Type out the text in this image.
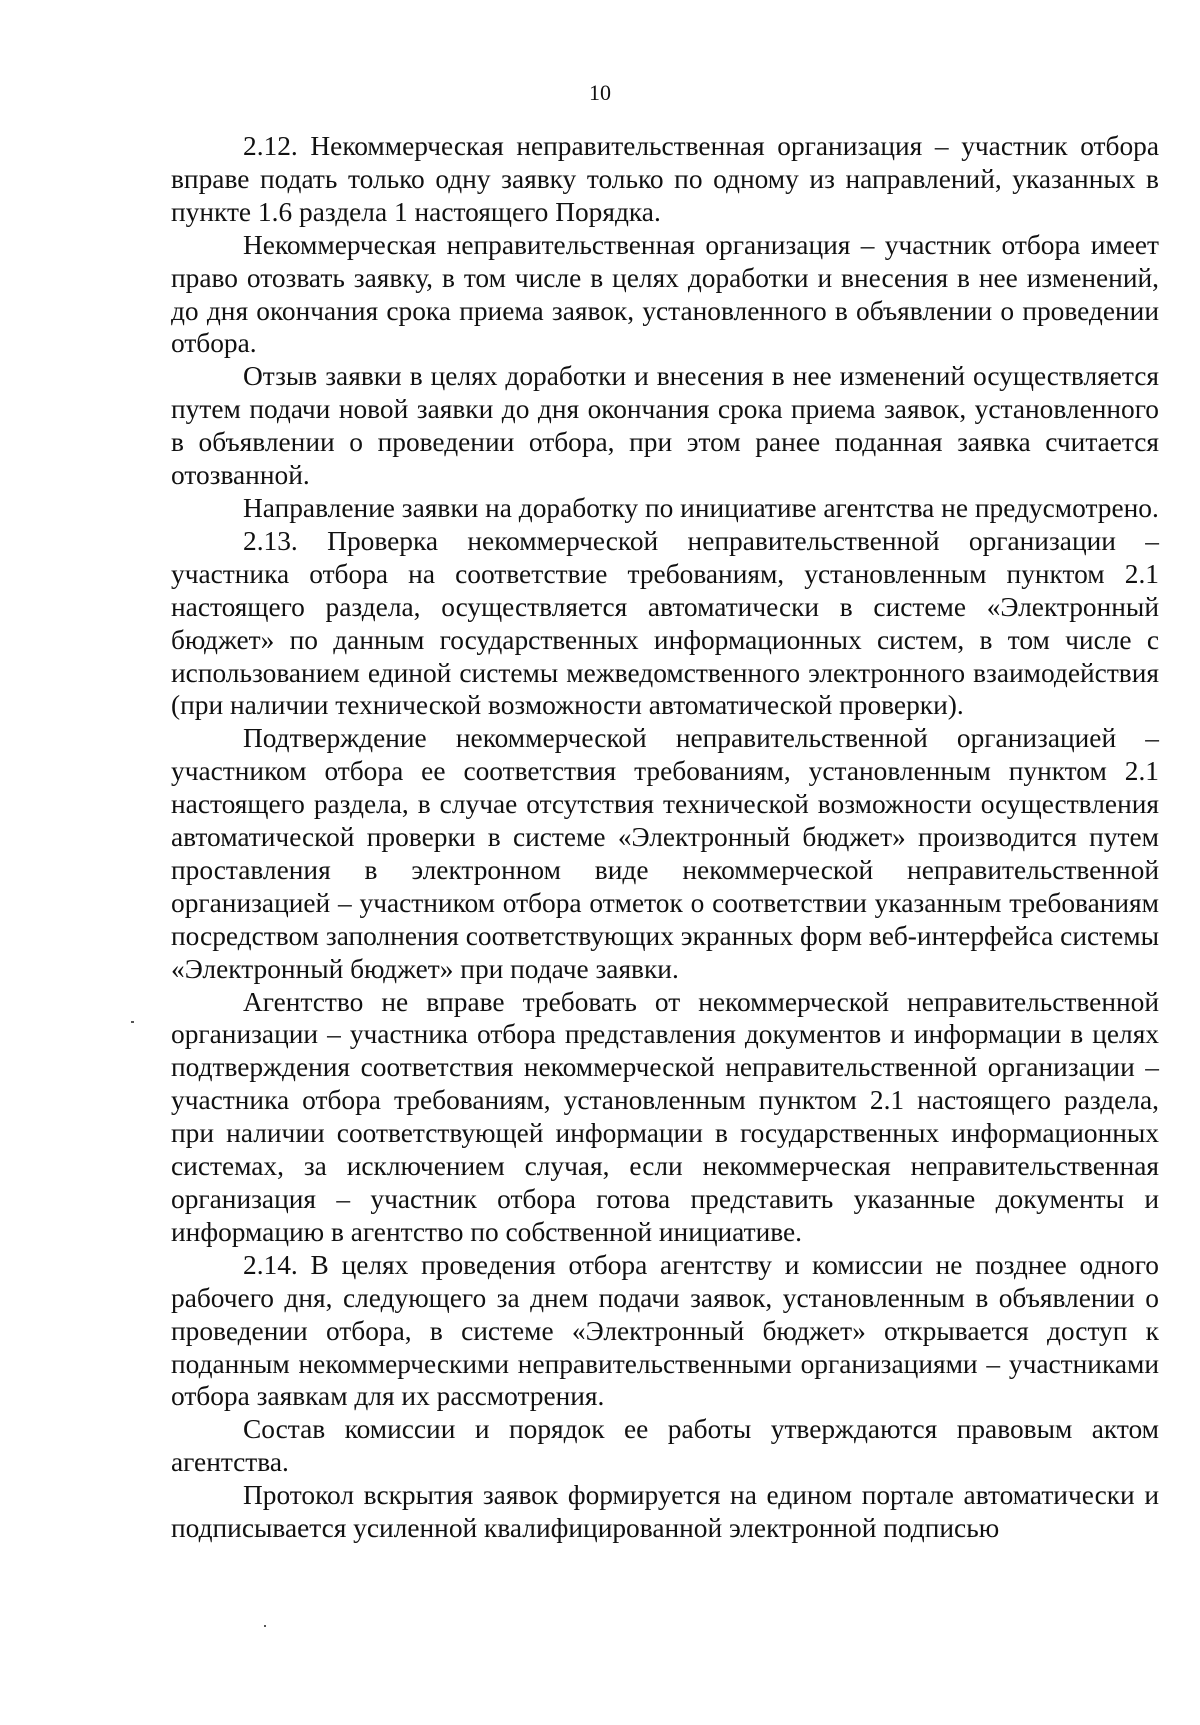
10

2.12. Некоммерческая неправительственная организация – участник отбора вправе подать только одну заявку только по одному из направлений, указанных в пункте 1.6 раздела 1 настоящего Порядка.

Некоммерческая неправительственная организация – участник отбора имеет право отозвать заявку, в том числе в целях доработки и внесения в нее изменений, до дня окончания срока приема заявок, установленного в объявлении о проведении отбора.

Отзыв заявки в целях доработки и внесения в нее изменений осуществляется путем подачи новой заявки до дня окончания срока приема заявок, установленного в объявлении о проведении отбора, при этом ранее поданная заявка считается отозванной.

Направление заявки на доработку по инициативе агентства не предусмотрено.

2.13. Проверка некоммерческой неправительственной организации – участника отбора на соответствие требованиям, установленным пунктом 2.1 настоящего раздела, осуществляется автоматически в системе «Электронный бюджет» по данным государственных информационных систем, в том числе с использованием единой системы межведомственного электронного взаимодействия (при наличии технической возможности автоматической проверки).

Подтверждение некоммерческой неправительственной организацией – участником отбора ее соответствия требованиям, установленным пунктом 2.1 настоящего раздела, в случае отсутствия технической возможности осуществления автоматической проверки в системе «Электронный бюджет» производится путем проставления в электронном виде некоммерческой неправительственной организацией – участником отбора отметок о соответствии указанным требованиям посредством заполнения соответствующих экранных форм веб-интерфейса системы «Электронный бюджет» при подаче заявки.

Агентство не вправе требовать от некоммерческой неправительственной организации – участника отбора представления документов и информации в целях подтверждения соответствия некоммерческой неправительственной организации – участника отбора требованиям, установленным пунктом 2.1 настоящего раздела, при наличии соответствующей информации в государственных информационных системах, за исключением случая, если некоммерческая неправительственная организация – участник отбора готова представить указанные документы и информацию в агентство по собственной инициативе.

2.14. В целях проведения отбора агентству и комиссии не позднее одного рабочего дня, следующего за днем подачи заявок, установленным в объявлении о проведении отбора, в системе «Электронный бюджет» открывается доступ к поданным некоммерческими неправительственными организациями – участниками отбора заявкам для их рассмотрения.

Состав комиссии и порядок ее работы утверждаются правовым актом агентства.

Протокол вскрытия заявок формируется на едином портале автоматически и подписывается усиленной квалифицированной электронной подписью
